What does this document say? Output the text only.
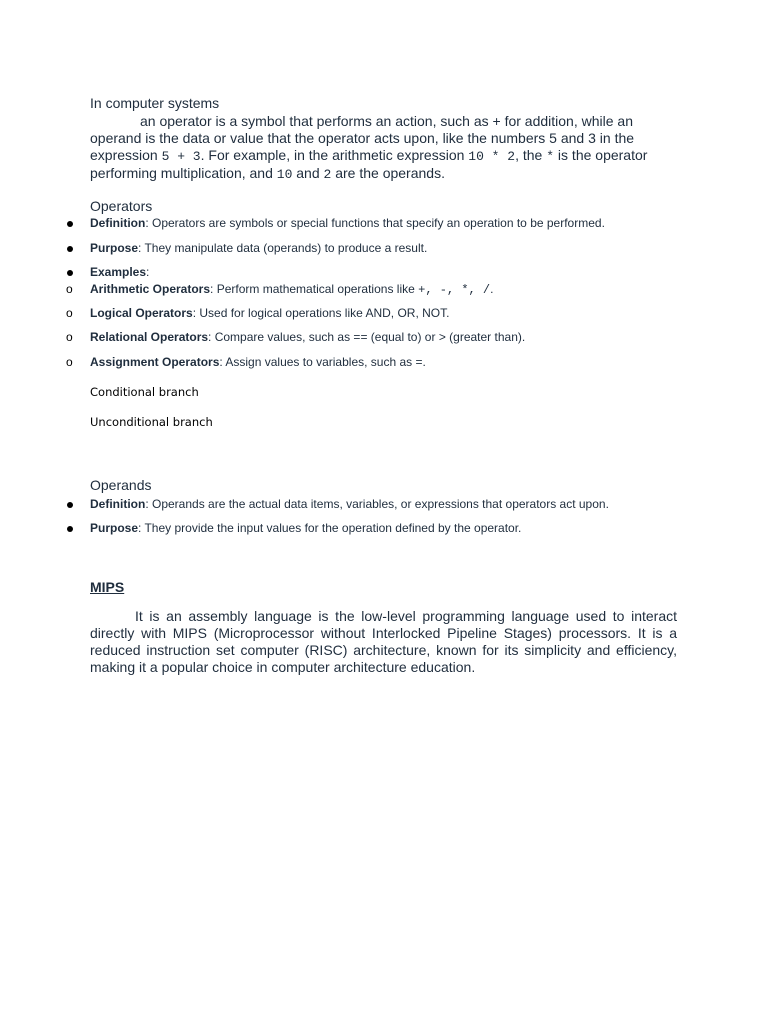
In computer systems
an operator is a symbol that performs an action, such as + for addition, while an
operand is the data or value that the operator acts upon, like the numbers 5 and 3 in the
expression 5 + 3. For example, in the arithmetic expression 10 * 2, the * is the operator
performing multiplication, and 10 and 2 are the operands.
Operators
Definition: Operators are symbols or special functions that specify an operation to be performed.
Purpose: They manipulate data (operands) to produce a result.
Examples:
o Arithmetic Operators: Perform mathematical operations like +, -, *, /.
o Logical Operators: Used for logical operations like AND, OR, NOT.
o Relational Operators: Compare values, such as == (equal to) or > (greater than).
o Assignment Operators: Assign values to variables, such as =.
Conditional branch
Unconditional branch
Operands
Definition: Operands are the actual data items, variables, or expressions that operators act upon.
Purpose: They provide the input values for the operation defined by the operator.
MIPS
It is an assembly language is the low-level programming language used to interact directly with MIPS (Microprocessor without Interlocked Pipeline Stages) processors. It is a reduced instruction set computer (RISC) architecture, known for its simplicity and efficiency, making it a popular choice in computer architecture education.
